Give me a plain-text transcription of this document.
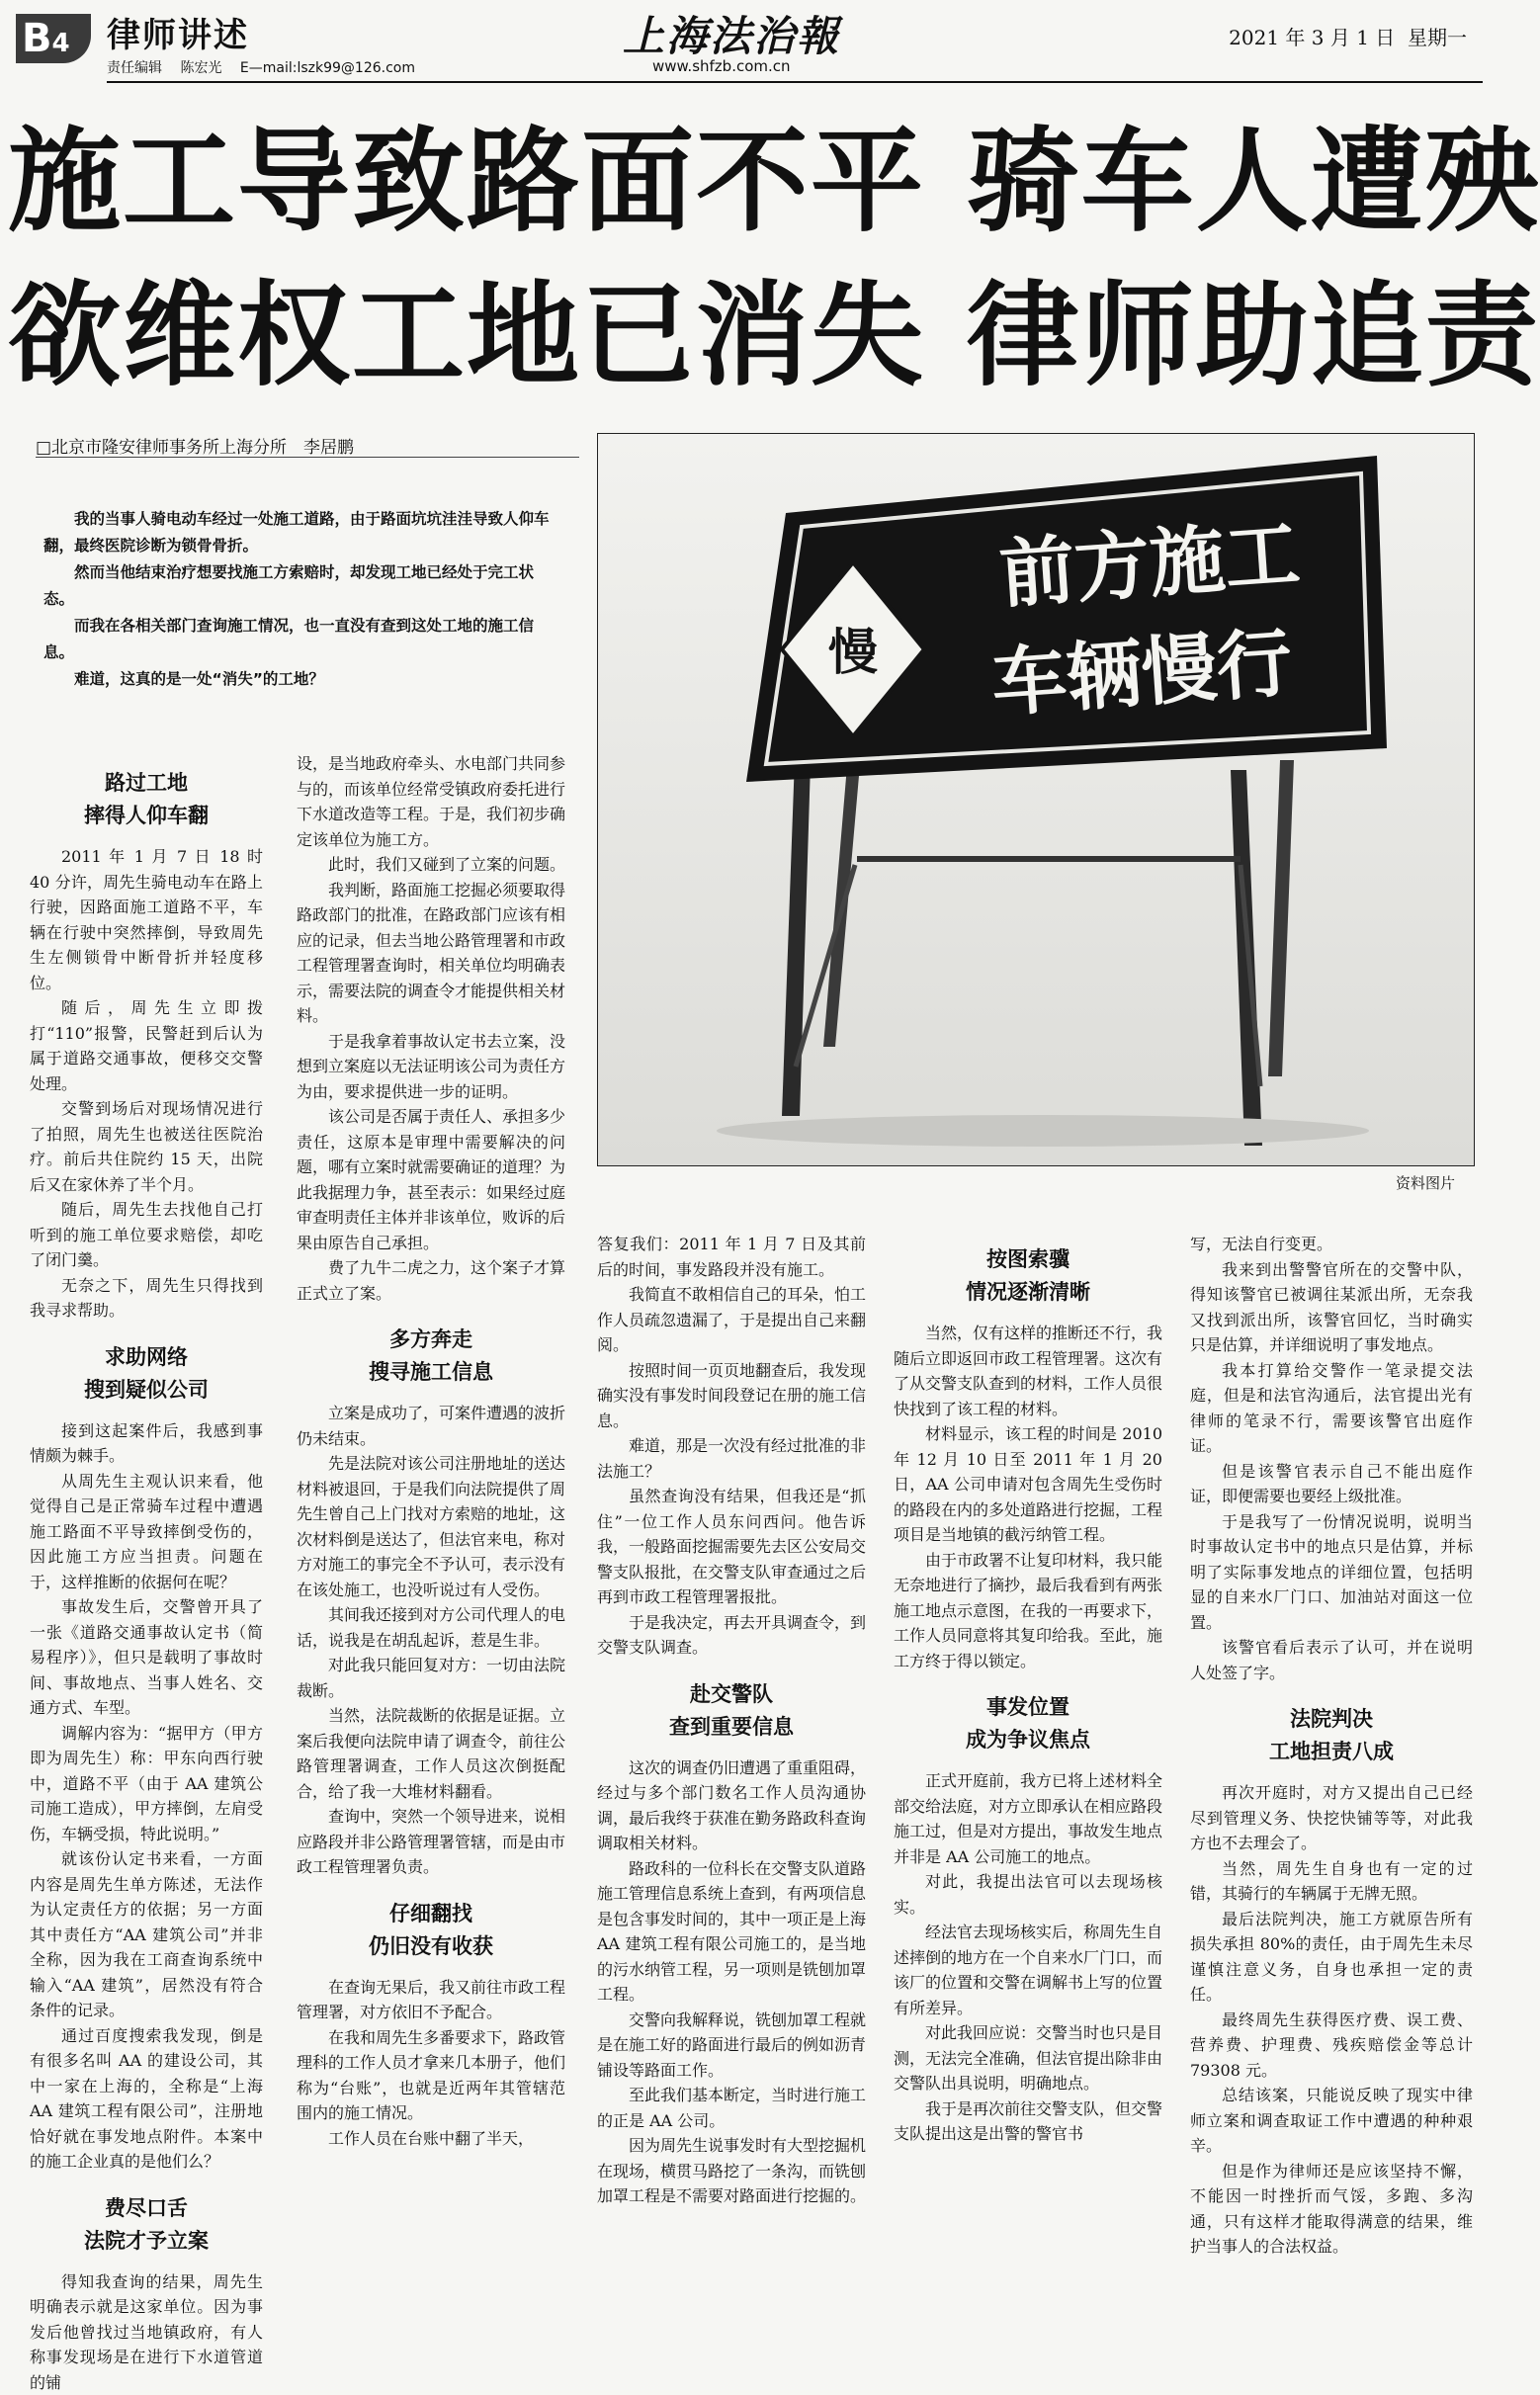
B4	律师讲述
责任编辑 陈宏光 E—mail:lszk99@126.com
上海法治報
www.shfzb.com.cn
2021 年 3 月 1 日 星期一
施工导致路面不平 骑车人遭殃
欲维权工地已消失 律师助追责
□北京市隆安律师事务所上海分所　李居鹏

我的当事人骑电动车经过一处施工道路，由于路面坑坑洼洼导致人仰车翻，最终医院诊断为锁骨骨折。

然而当他结束治疗想要找施工方索赔时，却发现工地已经处于完工状态。

而我在各相关部门查询施工情况，也一直没有查到这处工地的施工信息。

难道，这真的是一处“消失”的工地？	慢
前方施工
车辆慢行
资料图片
路过工地
摔得人仰车翻

2011 年 1 月 7 日 18 时 40 分许，周先生骑电动车在路上行驶，因路面施工道路不平，车辆在行驶中突然摔倒，导致周先生左侧锁骨中断骨折并轻度移位。

随后，周先生立即拨打“110”报警，民警赶到后认为属于道路交通事故，便移交交警处理。

交警到场后对现场情况进行了拍照，周先生也被送往医院治疗。前后共住院约 15 天，出院后又在家休养了半个月。

随后，周先生去找他自己打听到的施工单位要求赔偿，却吃了闭门羹。

无奈之下，周先生只得找到我寻求帮助。

求助网络
搜到疑似公司

接到这起案件后，我感到事情颇为棘手。

从周先生主观认识来看，他觉得自己是正常骑车过程中遭遇施工路面不平导致摔倒受伤的，因此施工方应当担责。问题在于，这样推断的依据何在呢？

事故发生后，交警曾开具了一张《道路交通事故认定书（简易程序）》，但只是载明了事故时间、事故地点、当事人姓名、交通方式、车型。

调解内容为：“据甲方（甲方即为周先生）称：甲东向西行驶中，道路不平（由于 AA 建筑公司施工造成），甲方摔倒，左肩受伤，车辆受损，特此说明。”

就该份认定书来看，一方面内容是周先生单方陈述，无法作为认定责任方的依据；另一方面其中责任方“AA 建筑公司”并非全称，因为我在工商查询系统中输入“AA 建筑”，居然没有符合条件的记录。

通过百度搜索我发现，倒是有很多名叫 AA 的建设公司，其中一家在上海的，全称是“上海 AA 建筑工程有限公司”，注册地恰好就在事发地点附件。本案中的施工企业真的是他们么？

费尽口舌
法院才予立案

得知我查询的结果，周先生明确表示就是这家单位。因为事发后他曾找过当地镇政府，有人称事发现场是在进行下水道管道的铺

设，是当地政府牵头、水电部门共同参与的，而该单位经常受镇政府委托进行下水道改造等工程。于是，我们初步确定该单位为施工方。

此时，我们又碰到了立案的问题。

我判断，路面施工挖掘必须要取得路政部门的批准，在路政部门应该有相应的记录，但去当地公路管理署和市政工程管理署查询时，相关单位均明确表示，需要法院的调查令才能提供相关材料。

于是我拿着事故认定书去立案，没想到立案庭以无法证明该公司为责任方为由，要求提供进一步的证明。

该公司是否属于责任人、承担多少责任，这原本是审理中需要解决的问题，哪有立案时就需要确证的道理？为此我据理力争，甚至表示：如果经过庭审查明责任主体并非该单位，败诉的后果由原告自己承担。

费了九牛二虎之力，这个案子才算正式立了案。

多方奔走
搜寻施工信息

立案是成功了，可案件遭遇的波折仍未结束。

先是法院对该公司注册地址的送达材料被退回，于是我们向法院提供了周先生曾自己上门找对方索赔的地址，这次材料倒是送达了，但法官来电，称对方对施工的事完全不予认可，表示没有在该处施工，也没听说过有人受伤。

其间我还接到对方公司代理人的电话，说我是在胡乱起诉，惹是生非。

对此我只能回复对方：一切由法院裁断。

当然，法院裁断的依据是证据。立案后我便向法院申请了调查令，前往公路管理署调查，工作人员这次倒挺配合，给了我一大堆材料翻看。

查询中，突然一个领导进来，说相应路段并非公路管理署管辖，而是由市政工程管理署负责。

仔细翻找
仍旧没有收获

在查询无果后，我又前往市政工程管理署，对方依旧不予配合。

在我和周先生多番要求下，路政管理科的工作人员才拿来几本册子，他们称为“台账”，也就是近两年其管辖范围内的施工情况。

工作人员在台账中翻了半天，

答复我们：2011 年 1 月 7 日及其前后的时间，事发路段并没有施工。

我简直不敢相信自己的耳朵，怕工作人员疏忽遗漏了，于是提出自己来翻阅。

按照时间一页页地翻查后，我发现确实没有事发时间段登记在册的施工信息。

难道，那是一次没有经过批准的非法施工？

虽然查询没有结果，但我还是“抓住”一位工作人员东问西问。他告诉我，一般路面挖掘需要先去区公安局交警支队报批，在交警支队审查通过之后再到市政工程管理署报批。

于是我决定，再去开具调查令，到交警支队调查。

赴交警队
查到重要信息

这次的调查仍旧遭遇了重重阻碍，经过与多个部门数名工作人员沟通协调，最后我终于获准在勤务路政科查询调取相关材料。

路政科的一位科长在交警支队道路施工管理信息系统上查到，有两项信息是包含事发时间的，其中一项正是上海 AA 建筑工程有限公司施工的，是当地的污水纳管工程，另一项则是铣刨加罩工程。

交警向我解释说，铣刨加罩工程就是在施工好的路面进行最后的例如沥青铺设等路面工作。

至此我们基本断定，当时进行施工的正是 AA 公司。

因为周先生说事发时有大型挖掘机在现场，横贯马路挖了一条沟，而铣刨加罩工程是不需要对路面进行挖掘的。

按图索骥
情况逐渐清晰

当然，仅有这样的推断还不行，我随后立即返回市政工程管理署。这次有了从交警支队查到的材料，工作人员很快找到了该工程的材料。

材料显示，该工程的时间是 2010 年 12 月 10 日至 2011 年 1 月 20 日，AA 公司申请对包含周先生受伤时的路段在内的多处道路进行挖掘，工程项目是当地镇的截污纳管工程。

由于市政署不让复印材料，我只能无奈地进行了摘抄，最后我看到有两张施工地点示意图，在我的一再要求下，工作人员同意将其复印给我。至此，施工方终于得以锁定。

事发位置
成为争议焦点

正式开庭前，我方已将上述材料全部交给法庭，对方立即承认在相应路段施工过，但是对方提出，事故发生地点并非是 AA 公司施工的地点。

对此，我提出法官可以去现场核实。

经法官去现场核实后，称周先生自述摔倒的地方在一个自来水厂门口，而该厂的位置和交警在调解书上写的位置有所差异。

对此我回应说：交警当时也只是目测，无法完全准确，但法官提出除非由交警队出具说明，明确地点。

我于是再次前往交警支队，但交警支队提出这是出警的警官书

写，无法自行变更。

我来到出警警官所在的交警中队，得知该警官已被调往某派出所，无奈我又找到派出所，该警官回忆，当时确实只是估算，并详细说明了事发地点。

我本打算给交警作一笔录提交法庭，但是和法官沟通后，法官提出光有律师的笔录不行，需要该警官出庭作证。

但是该警官表示自己不能出庭作证，即便需要也要经上级批准。

于是我写了一份情况说明，说明当时事故认定书中的地点只是估算，并标明了实际事发地点的详细位置，包括明显的自来水厂门口、加油站对面这一位置。

该警官看后表示了认可，并在说明人处签了字。

法院判决
工地担责八成

再次开庭时，对方又提出自己已经尽到管理义务、快挖快铺等等，对此我方也不去理会了。

当然，周先生自身也有一定的过错，其骑行的车辆属于无牌无照。

最后法院判决，施工方就原告所有损失承担 80%的责任，由于周先生未尽谨慎注意义务，自身也承担一定的责任。

最终周先生获得医疗费、误工费、营养费、护理费、残疾赔偿金等总计 79308 元。

总结该案，只能说反映了现实中律师立案和调查取证工作中遭遇的种种艰辛。

但是作为律师还是应该坚持不懈，不能因一时挫折而气馁，多跑、多沟通，只有这样才能取得满意的结果，维护当事人的合法权益。
